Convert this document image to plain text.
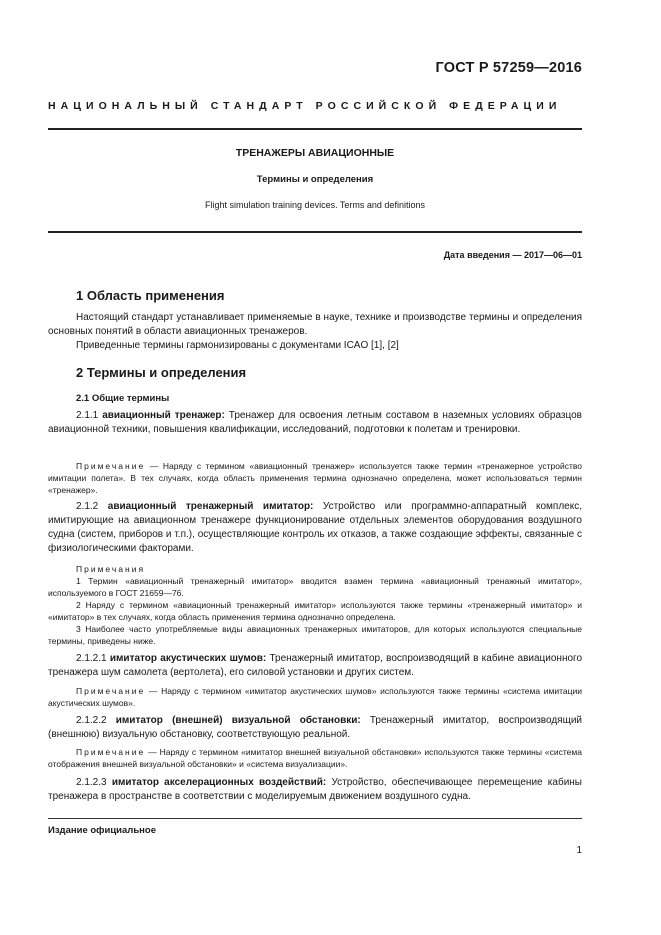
ГОСТ Р 57259—2016
НАЦИОНАЛЬНЫЙ СТАНДАРТ РОССИЙСКОЙ ФЕДЕРАЦИИ
ТРЕНАЖЕРЫ АВИАЦИОННЫЕ
Термины и определения
Flight simulation training devices. Terms and definitions
Дата введения — 2017—06—01
1 Область применения

Настоящий стандарт устанавливает применяемые в науке, технике и производстве термины и определения основных понятий в области авиационных тренажеров.

Приведенные термины гармонизированы с документами ICAO [1], [2]

2 Термины и определения
2.1 Общие термины

2.1.1 авиационный тренажер: Тренажер для освоения летным составом в наземных условиях образцов авиационной техники, повышения квалификации, исследований, подготовки к полетам и тренировки.

Примечание — Наряду с термином «авиационный тренажер» используется также термин «тренажерное устройство имитации полета». В тех случаях, когда область применения термина однозначно определена, может использоваться термин «тренажер».

2.1.2 авиационный тренажерный имитатор: Устройство или программно-аппаратный комплекс, имитирующие на авиационном тренажере функционирование отдельных элементов оборудования воздушного судна (систем, приборов и т.п.), осуществляющие контроль их отказов, а также создающие эффекты, связанные с физиологическими факторами.

Примечания

1 Термин «авиационный тренажерный имитатор» вводится взамен термина «авиационный тренажный имитатор», используемого в ГОСТ 21659—76.

2 Наряду с термином «авиационный тренажерный имитатор» используются также термины «тренажерный имитатор» и «имитатор» в тех случаях, когда область применения термина однозначно определена.

3 Наиболее часто употребляемые виды авиационных тренажерных имитаторов, для которых используются специальные термины, приведены ниже.

2.1.2.1 имитатор акустических шумов: Тренажерный имитатор, воспроизводящий в кабине авиационного тренажера шум самолета (вертолета), его силовой установки и других систем.

Примечание — Наряду с термином «имитатор акустических шумов» используются также термины «система имитации акустических шумов».

2.1.2.2 имитатор (внешней) визуальной обстановки: Тренажерный имитатор, воспроизводящий (внешнюю) визуальную обстановку, соответствующую реальной.

Примечание — Наряду с термином «имитатор внешней визуальной обстановки» используются также термины «система отображения внешней визуальной обстановки» и «система визуализации».

2.1.2.3 имитатор акселерационных воздействий: Устройство, обеспечивающее перемещение кабины тренажера в пространстве в соответствии с моделируемым движением воздушного судна.

Издание официальное
1
